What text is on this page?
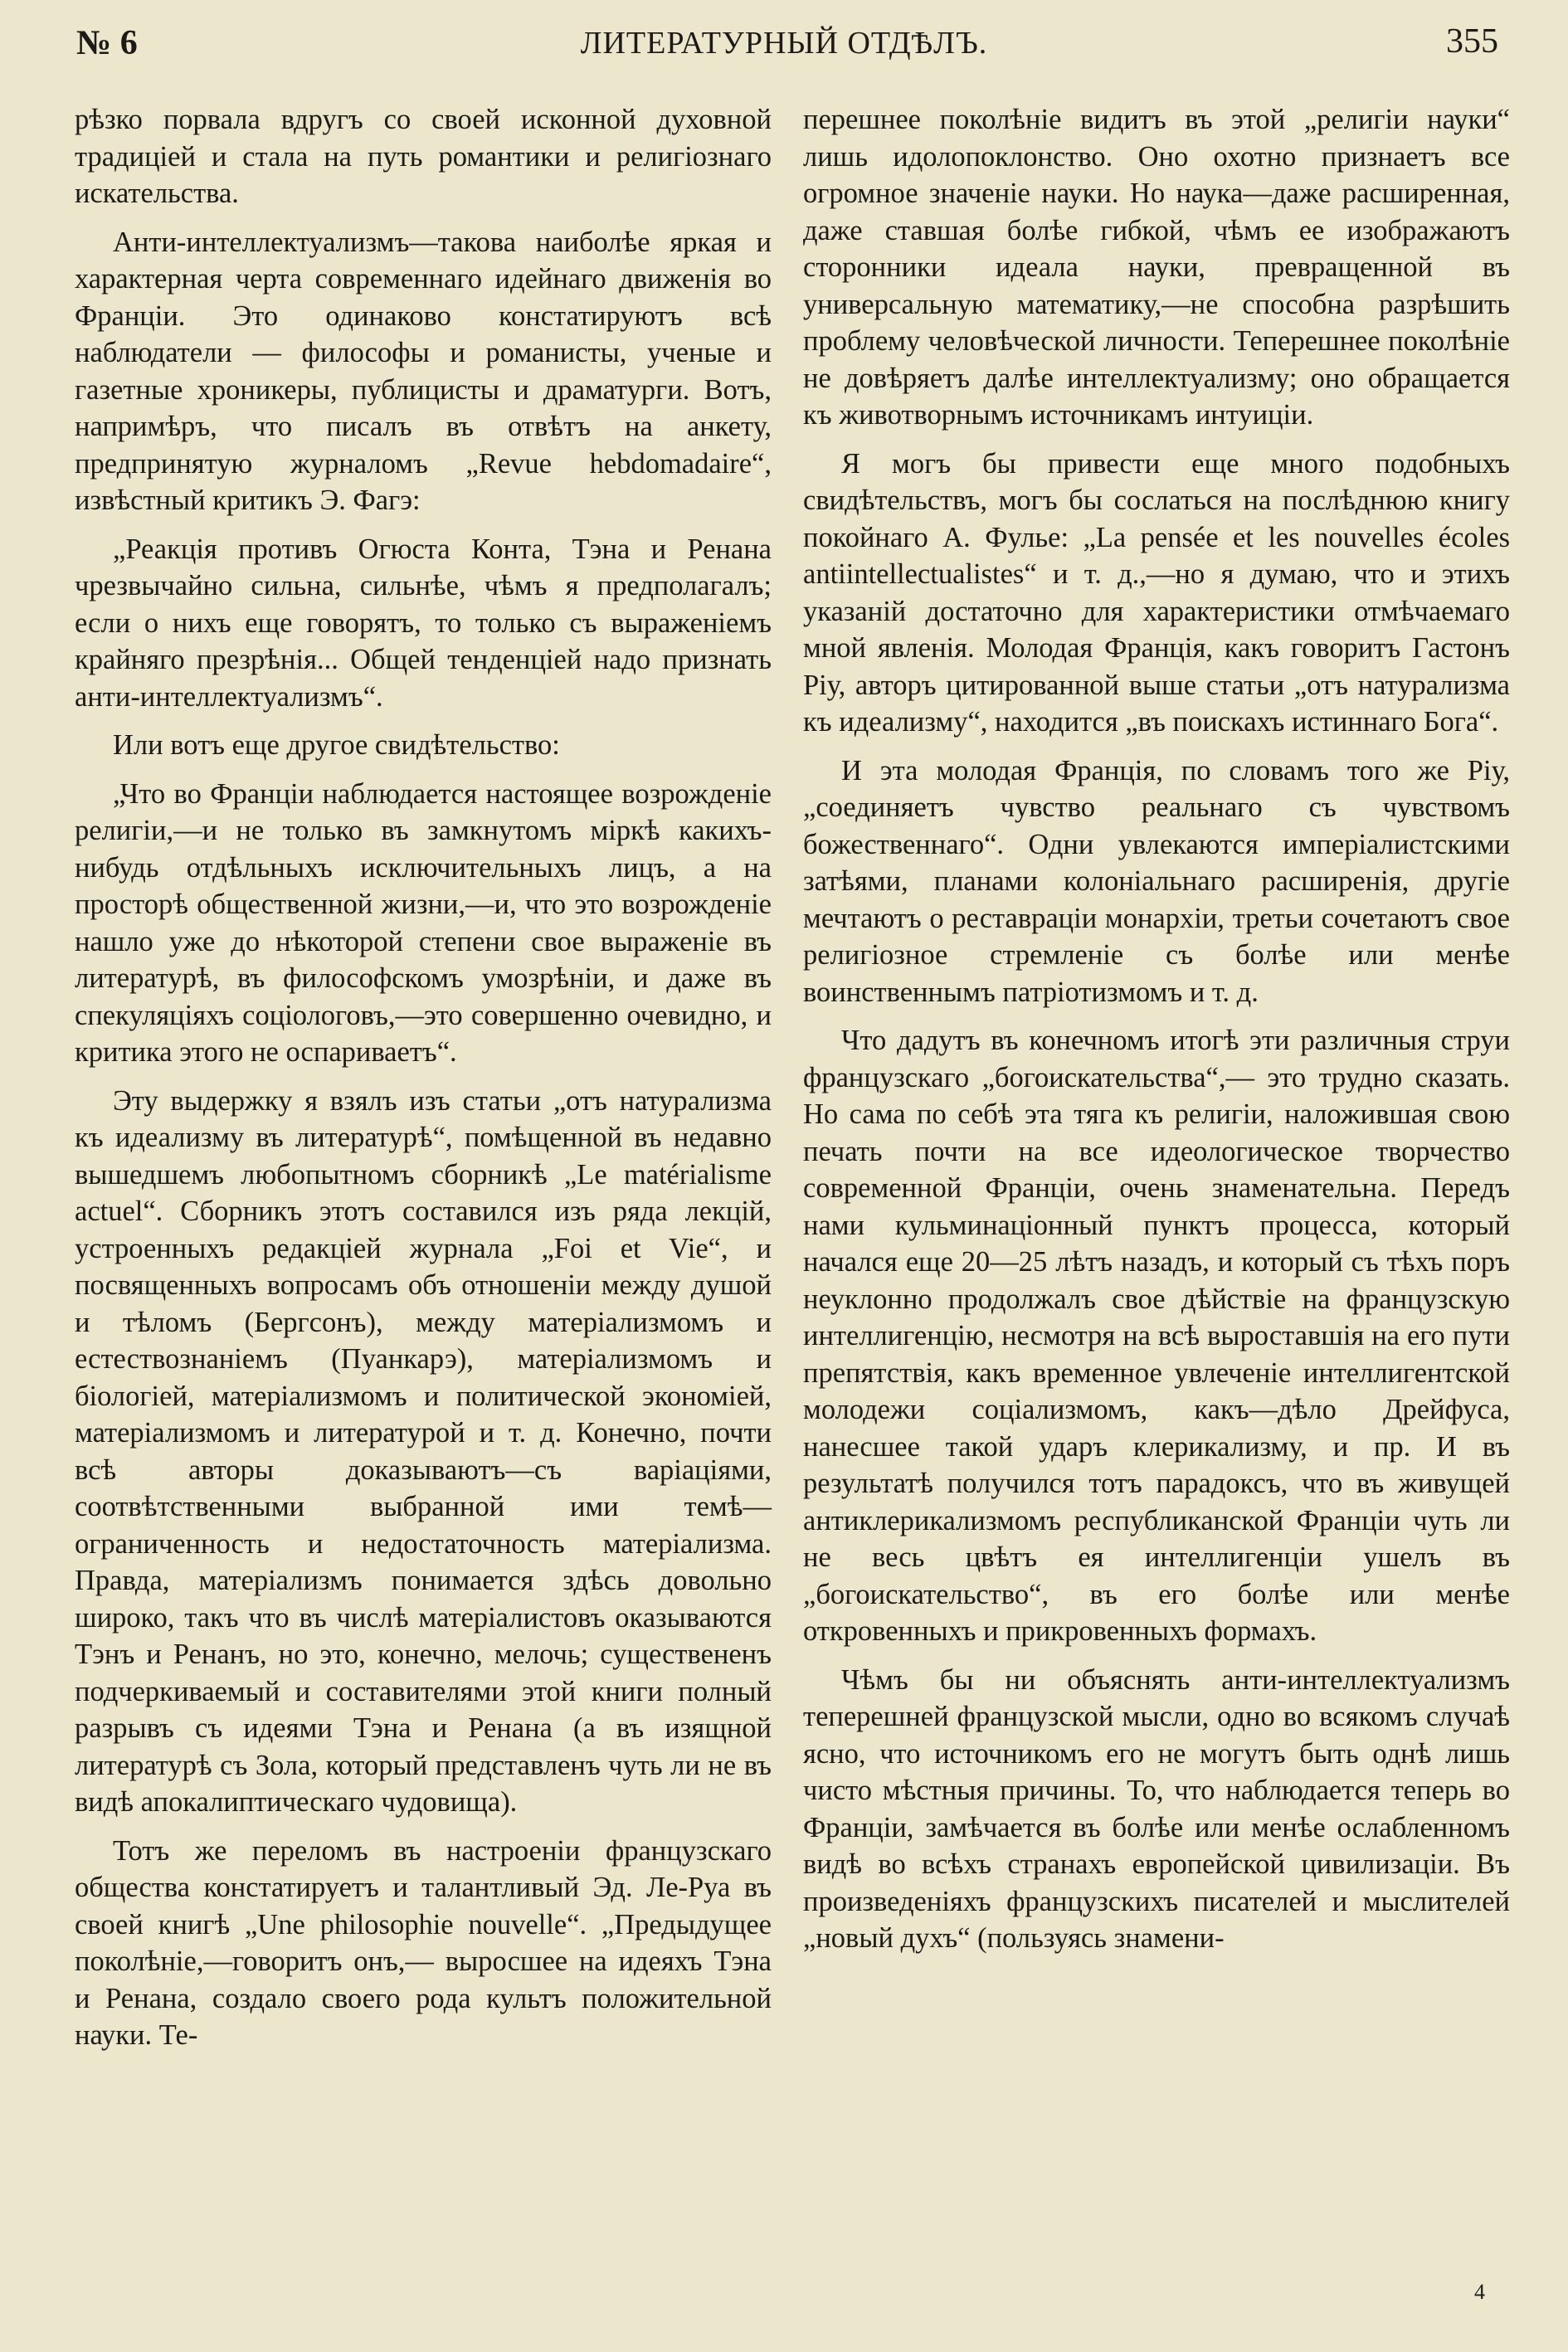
№ 6	ЛИТЕРАТУРНЫЙ ОТДѢЛЪ.	355

рѣзко порвала вдругъ со своей исконной духовной традиціей и стала на путь романтики и религіознаго искательства.

Анти-интеллектуализмъ—такова наиболѣе яркая и характерная черта современнаго идейнаго движенія во Франціи. Это одинаково констатируютъ всѣ наблюдатели — философы и романисты, ученые и газетные хроникеры, публицисты и драматурги. Вотъ, напримѣръ, что писалъ въ отвѣтъ на анкету, предпринятую журналомъ „Revue hebdomadaire“, извѣстный критикъ Э. Фагэ:

„Реакція противъ Огюста Конта, Тэна и Ренана чрезвычайно сильна, сильнѣе, чѣмъ я предполагалъ; если о нихъ еще говорятъ, то только съ выраженіемъ крайняго презрѣнія... Общей тенденціей надо признать анти-интеллектуализмъ“.

Или вотъ еще другое свидѣтельство:

„Что во Франціи наблюдается настоящее возрожденіе религіи,—и не только въ замкнутомъ міркѣ какихъ-нибудь отдѣльныхъ исключительныхъ лицъ, а на просторѣ общественной жизни,—и, что это возрожденіе нашло уже до нѣкоторой степени свое выраженіе въ литературѣ, въ философскомъ умозрѣніи, и даже въ спекуляціяхъ соціологовъ,—это совершенно очевидно, и критика этого не оспариваетъ“.

Эту выдержку я взялъ изъ статьи „отъ натурализма къ идеализму въ литературѣ“, помѣщенной въ недавно вышедшемъ любопытномъ сборникѣ „Le matérialisme actuel“. Сборникъ этотъ составился изъ ряда лекцій, устроенныхъ редакціей журнала „Foi et Vie“, и посвященныхъ вопросамъ объ отношеніи между душой и тѣломъ (Бергсонъ), между матеріализмомъ и естествознаніемъ (Пуанкарэ), матеріализмомъ и біологіей, матеріализмомъ и политической экономіей, матеріализмомъ и литературой и т. д. Конечно, почти всѣ авторы доказываютъ—съ варіаціями, соотвѣтственными выбранной ими темѣ—ограниченность и недостаточность матеріализма. Правда, матеріализмъ понимается здѣсь довольно широко, такъ что въ числѣ матеріалистовъ оказываются Тэнъ и Ренанъ, но это, конечно, мелочь; существененъ подчеркиваемый и составителями этой книги полный разрывъ съ идеями Тэна и Ренана (а въ изящной литературѣ съ Зола, который представленъ чуть ли не въ видѣ апокалиптическаго чудовища).

Тотъ же переломъ въ настроеніи французскаго общества констатируетъ и талантливый Эд. Ле-Руа въ своей книгѣ „Une philosophie nouvelle“. „Предыдущее поколѣніе,—говоритъ онъ,— выросшее на идеяхъ Тэна и Ренана, создало своего рода культъ положительной науки. Те-

перешнее поколѣніе видитъ въ этой „религіи науки“ лишь идолопоклонство. Оно охотно признаетъ все огромное значеніе науки. Но наука—даже расширенная, даже ставшая болѣе гибкой, чѣмъ ее изображаютъ сторонники идеала науки, превращенной въ универсальную математику,—не способна разрѣшить проблему человѣческой личности. Теперешнее поколѣніе не довѣряетъ далѣе интеллектуализму; оно обращается къ животворнымъ источникамъ интуиціи.

Я могъ бы привести еще много подобныхъ свидѣтельствъ, могъ бы сослаться на послѣднюю книгу покойнаго А. Фулье: „La pensée et les nouvelles écoles antiintellectualistes“ и т. д.,—но я думаю, что и этихъ указаній достаточно для характеристики отмѣчаемаго мной явленія. Молодая Франція, какъ говоритъ Гастонъ Ріу, авторъ цитированной выше статьи „отъ натурализма къ идеализму“, находится „въ поискахъ истиннаго Бога“.

И эта молодая Франція, по словамъ того же Ріу, „соединяетъ чувство реальнаго съ чувствомъ божественнаго“. Одни увлекаются имперіалистскими затѣями, планами колоніальнаго расширенія, другіе мечтаютъ о реставраціи монархіи, третьи сочетаютъ свое религіозное стремленіе съ болѣе или менѣе воинственнымъ патріотизмомъ и т. д.

Что дадутъ въ конечномъ итогѣ эти различныя струи французскаго „богоискательства“,— это трудно сказать. Но сама по себѣ эта тяга къ религіи, наложившая свою печать почти на все идеологическое творчество современной Франціи, очень знаменательна. Передъ нами кульминаціонный пунктъ процесса, который начался еще 20—25 лѣтъ назадъ, и который съ тѣхъ поръ неуклонно продолжалъ свое дѣйствіе на французскую интеллигенцію, несмотря на всѣ выроставшія на его пути препятствія, какъ временное увлеченіе интеллигентской молодежи соціализмомъ, какъ—дѣло Дрейфуса, нанесшее такой ударъ клерикализму, и пр. И въ результатѣ получился тотъ парадоксъ, что въ живущей антиклерикализмомъ республиканской Франціи чуть ли не весь цвѣтъ ея интеллигенціи ушелъ въ „богоискательство“, въ его болѣе или менѣе откровенныхъ и прикровенныхъ формахъ.

Чѣмъ бы ни объяснять анти-интеллектуализмъ теперешней французской мысли, одно во всякомъ случаѣ ясно, что источникомъ его не могутъ быть однѣ лишь чисто мѣстныя причины. То, что наблюдается теперь во Франціи, замѣчается въ болѣе или менѣе ослабленномъ видѣ во всѣхъ странахъ европейской цивилизаціи. Въ произведеніяхъ французскихъ писателей и мыслителей „новый духъ“ (пользуясь знамени-

4
